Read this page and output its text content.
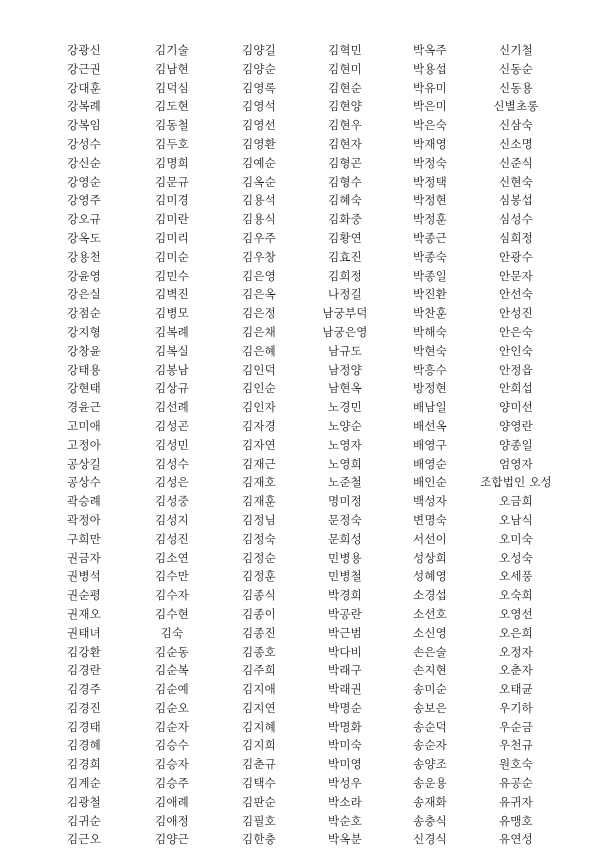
강광신	김기술	김양길	김혁민	박옥주	신기철
강근권	김남현	김양순	김현미	박용섭	신동순
강대훈	김덕심	김영록	김현순	박유미	신동용
강복례	김도현	김영석	김현양	박은미	신별초롱
강복임	김동철	김영선	김현우	박은숙	신삼숙
강성수	김두호	김영환	김현자	박재영	신소명
강신순	김명희	김예순	김형곤	박정숙	신준식
강영순	김문규	김옥순	김형수	박정택	신현숙
강영주	김미경	김용석	김혜숙	박정현	심봉섭
강오규	김미란	김용식	김화중	박정훈	심성수
강옥도	김미리	김우주	김황연	박종근	심희정
강용천	김미순	김우창	김효진	박종숙	안광수
강윤영	김민수	김은영	김희정	박종일	안문자
강은실	김벽진	김은옥	나정길	박진환	안선숙
강점순	김병모	김은정	남궁부덕	박찬훈	안성진
강지형	김복례	김은채	남궁은영	박해숙	안은숙
강창윤	김복실	김은혜	남규도	박현숙	안인숙
강태용	김봉남	김인덕	남정양	박흥수	안정읍
강현태	김상규	김인순	남현옥	방정현	안희섭
경윤근	김선례	김인자	노경민	배남일	양미선
고미애	김성곤	김자경	노양순	배선옥	양영란
고정아	김성민	김자연	노영자	배영구	양종일
공상길	김성수	김재근	노영희	배영순	엄영자
공상수	김성은	김재호	노준철	배인순	조합법인 오성
곽승례	김성중	김재훈	명미정	백성자	오금희
곽정아	김성지	김정님	문정숙	변명숙	오남식
구희만	김성진	김정숙	문희성	서선이	오미숙
권금자	김소연	김정순	민병용	성상희	오성숙
권병석	김수만	김정훈	민병철	성혜영	오세풍
권순평	김수자	김종식	박경희	소경섭	오숙희
권재오	김수현	김종이	박공란	소선호	오영선
권태녀	김숙	김종진	박근범	소신영	오은희
김강환	김순동	김종호	박다비	손은술	오정자
김경란	김순복	김주희	박래구	손지현	오춘자
김경주	김순예	김지애	박래권	송미순	오태균
김경진	김순오	김지연	박명순	송보은	우기하
김경태	김순자	김지혜	박명화	송순덕	우순금
김경혜	김승수	김지희	박미숙	송순자	우천규
김경희	김승자	김춘규	박미영	송양조	원호숙
김계순	김승주	김택수	박성우	송운용	유공순
김광철	김애례	김판순	박소라	송재화	유귀자
김귀순	김애정	김필호	박순호	송충식	유맹호
김근오	김양근	김한충	박옥분	신경식	유연성
